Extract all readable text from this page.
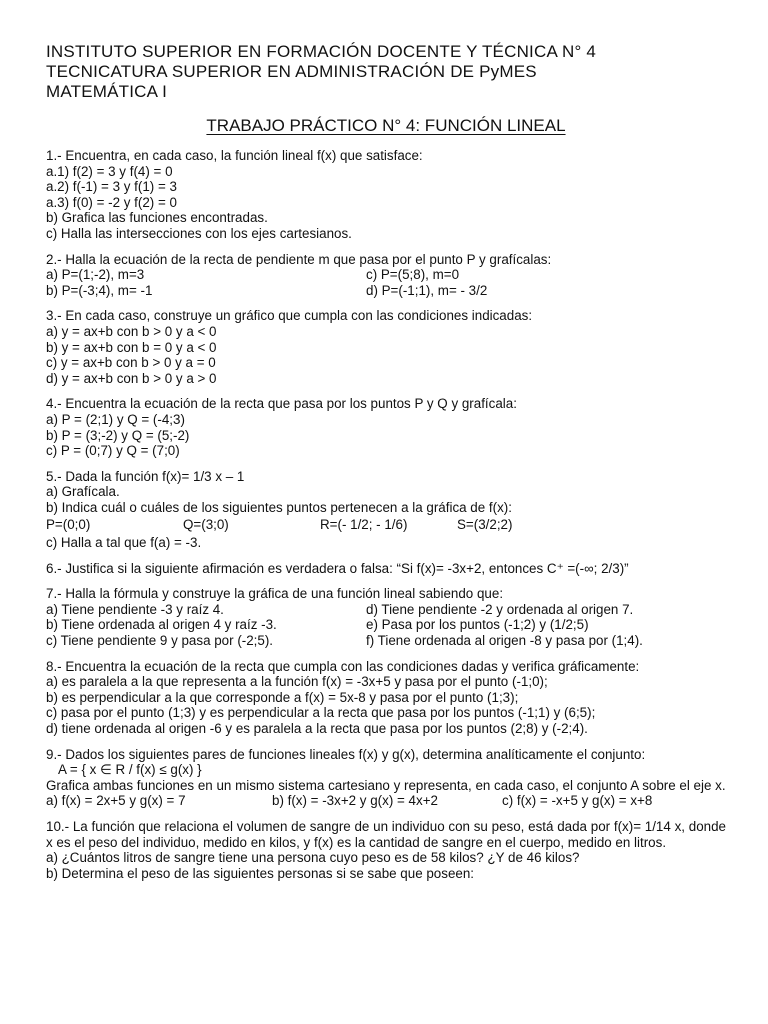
INSTITUTO SUPERIOR EN FORMACIÓN DOCENTE Y TÉCNICA N° 4
TECNICATURA SUPERIOR EN ADMINISTRACIÓN DE PyMES
MATEMÁTICA I
TRABAJO PRÁCTICO N° 4: FUNCIÓN LINEAL
1.- Encuentra, en cada caso, la función lineal f(x) que satisface:
a.1) f(2) = 3 y f(4) = 0
a.2) f(-1) = 3 y f(1) = 3
a.3) f(0) = -2 y f(2) = 0
b) Grafica las funciones encontradas.
c) Halla las intersecciones con los ejes cartesianos.
2.- Halla la ecuación de la recta de pendiente m que pasa por el punto P y grafícalas:
a) P=(1;-2), m=3	c) P=(5;8), m=0
b) P=(-3;4), m= -1	d) P=(-1;1), m= - 3/2
3.- En cada caso, construye un gráfico que cumpla con las condiciones indicadas:
a) y = ax+b con b > 0 y a < 0
b) y = ax+b con b = 0 y a < 0
c) y = ax+b con b > 0 y a = 0
d) y = ax+b con b > 0 y a > 0
4.- Encuentra la ecuación de la recta que pasa por los puntos P y Q y grafícala:
a) P = (2;1) y Q = (-4;3)
b) P = (3;-2) y Q = (5;-2)
c) P = (0;7) y Q = (7;0)
5.- Dada la función f(x)= 1/3 x – 1
a) Grafícala.
b) Indica cuál o cuáles de los siguientes puntos pertenecen a la gráfica de f(x):
P=(0;0)	Q=(3;0)	R=(- 1/2; - 1/6)	S=(3/2;2)
c) Halla a tal que f(a) = -3.
6.- Justifica si la siguiente afirmación es verdadera o falsa: “Si f(x)= -3x+2, entonces C⁺ =(-∞; 2/3)”
7.- Halla la fórmula y construye la gráfica de una función lineal sabiendo que:
a) Tiene pendiente -3 y raíz 4.	d) Tiene pendiente -2 y ordenada al origen 7.
b) Tiene ordenada al origen 4 y raíz -3.	e) Pasa por los puntos (-1;2) y (1/2;5)
c) Tiene pendiente 9 y pasa por (-2;5).	f) Tiene ordenada al origen -8 y pasa por (1;4).
8.- Encuentra la ecuación de la recta que cumpla con las condiciones dadas y verifica gráficamente:
a) es paralela a la que representa a la función f(x) = -3x+5 y pasa por el punto (-1;0);
b) es perpendicular a la que corresponde a f(x) = 5x-8 y pasa por el punto (1;3);
c) pasa por el punto (1;3) y es perpendicular a la recta que pasa por los puntos (-1;1) y (6;5);
d) tiene ordenada al origen -6 y es paralela a la recta que pasa por los puntos (2;8) y (-2;4).
9.- Dados los siguientes pares de funciones lineales f(x) y g(x), determina analíticamente el conjunto:
A = { x ∈ R / f(x) ≤ g(x) }
Grafica ambas funciones en un mismo sistema cartesiano y representa, en cada caso, el conjunto A sobre el eje x.
a) f(x) = 2x+5 y g(x) = 7	b) f(x) = -3x+2 y g(x) = 4x+2	c) f(x) = -x+5 y g(x) = x+8
10.- La función que relaciona el volumen de sangre de un individuo con su peso, está dada por f(x)= 1/14 x, donde x es el peso del individuo, medido en kilos, y f(x) es la cantidad de sangre en el cuerpo, medido en litros.
a) ¿Cuántos litros de sangre tiene una persona cuyo peso es de 58 kilos? ¿Y de 46 kilos?
b) Determina el peso de las siguientes personas si se sabe que poseen:
